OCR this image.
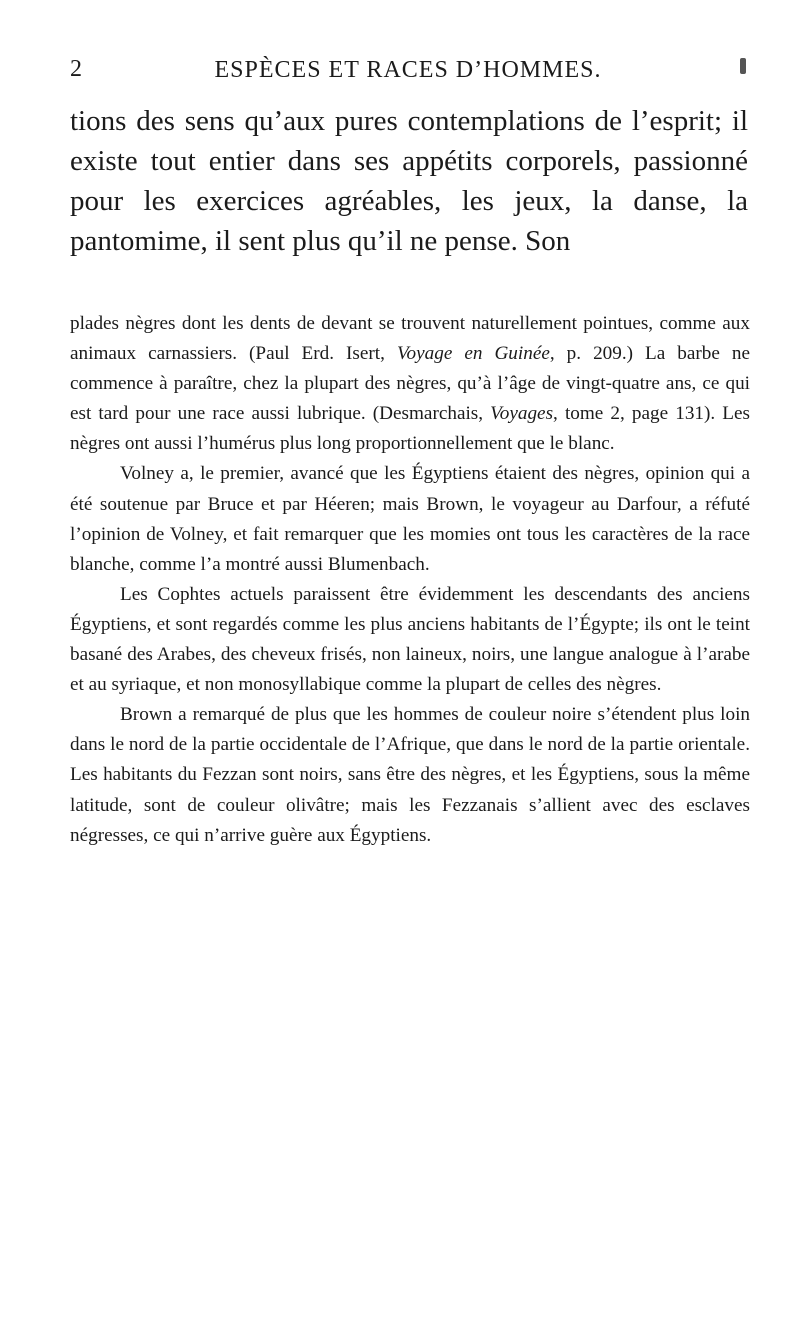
2	ESPÈCES ET RACES D’HOMMES.

tions des sens qu’aux pures contemplations de l’esprit; il existe tout entier dans ses appétits corporels, passionné pour les exercices agréables, les jeux, la danse, la pantomime, il sent plus qu’il ne pense. Son

plades nègres dont les dents de devant se trouvent naturellement pointues, comme aux animaux carnassiers. (Paul Erd. Isert, Voyage en Guinée, p. 209.) La barbe ne commence à paraître, chez la plupart des nègres, qu’à l’âge de vingt-quatre ans, ce qui est tard pour une race aussi lubrique. (Desmarchais, Voyages, tome 2, page 131). Les nègres ont aussi l’humérus plus long proportionnellement que le blanc.

Volney a, le premier, avancé que les Égyptiens étaient des nègres, opinion qui a été soutenue par Bruce et par Héeren; mais Brown, le voyageur au Darfour, a réfuté l’opinion de Volney, et fait remarquer que les momies ont tous les caractères de la race blanche, comme l’a montré aussi Blumenbach.

Les Cophtes actuels paraissent être évidemment les descendants des anciens Égyptiens, et sont regardés comme les plus anciens habitants de l’Égypte; ils ont le teint basané des Arabes, des cheveux frisés, non laineux, noirs, une langue analogue à l’arabe et au syriaque, et non monosyllabique comme la plupart de celles des nègres.

Brown a remarqué de plus que les hommes de couleur noire s’étendent plus loin dans le nord de la partie occidentale de l’Afrique, que dans le nord de la partie orientale. Les habitants du Fezzan sont noirs, sans être des nègres, et les Égyptiens, sous la même latitude, sont de couleur olivâtre; mais les Fezzanais s’allient avec des esclaves négresses, ce qui n’arrive guère aux Égyptiens.
